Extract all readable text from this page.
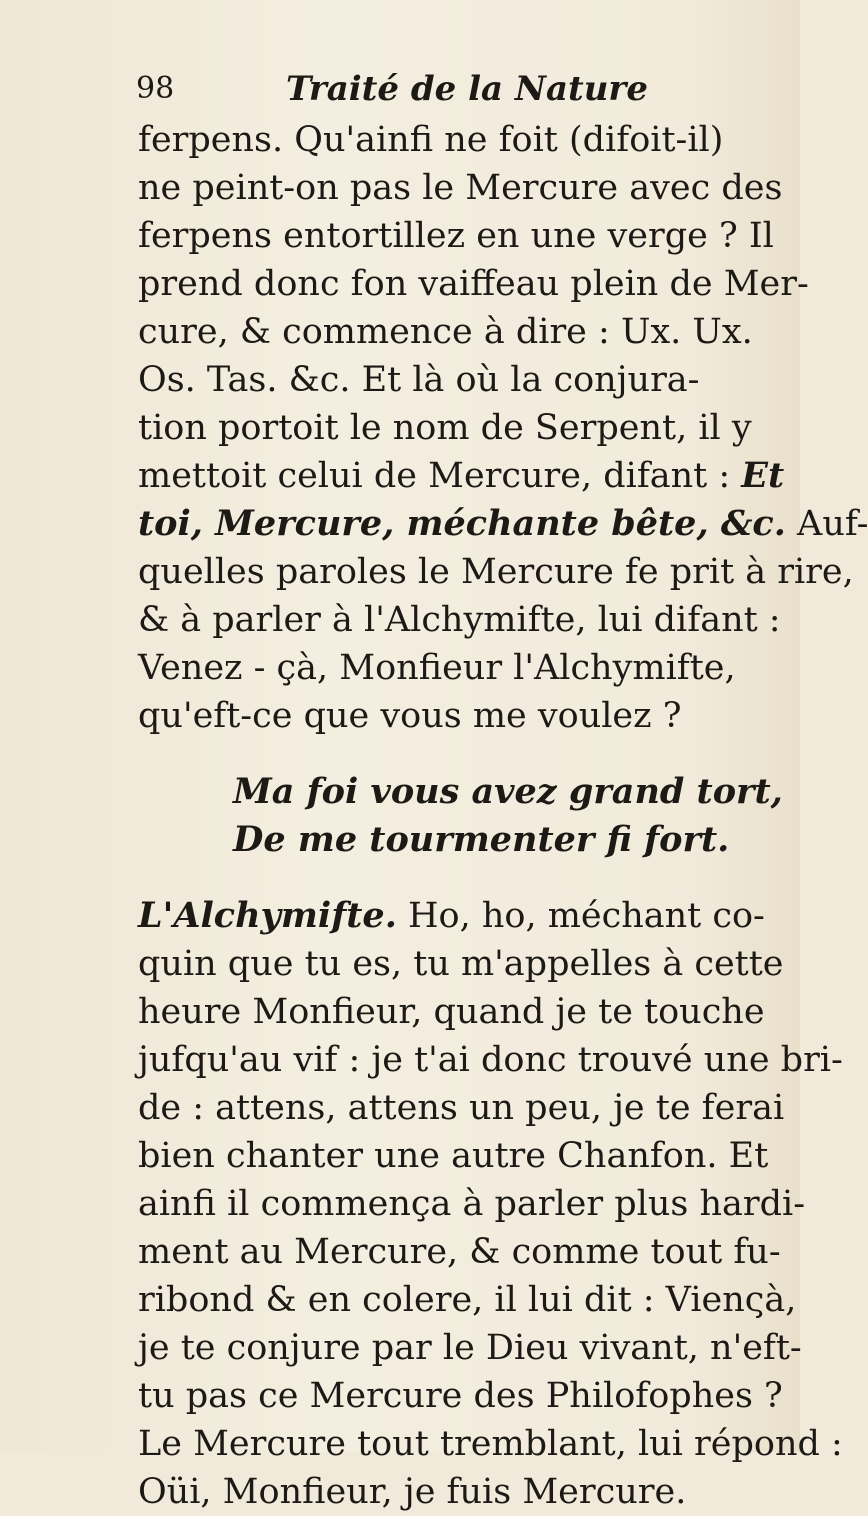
98	Traité de la Nature
ferpens. Qu'ainfi ne foit (difoit-il)
ne peint-on pas le Mercure avec des
ferpens entortillez en une verge ? Il
prend donc fon vaiffeau plein de Mer-
cure, & commence à dire : Ux. Ux.
Os. Tas. &c. Et là où la conjura-
tion portoit le nom de Serpent, il y
mettoit celui de Mercure, difant : Et
toi, Mercure, méchante bête, &c. Auf-
quelles paroles le Mercure fe prit à rire,
& à parler à l'Alchymifte, lui difant :
Venez - çà, Monfieur l'Alchymifte,
qu'eft-ce que vous me voulez ?
Ma foi vous avez grand tort,
De me tourmenter fi fort.
L'Alchymifte. Ho, ho, méchant co-
quin que tu es, tu m'appelles à cette
heure Monfieur, quand je te touche
jufqu'au vif : je t'ai donc trouvé une bri-
de : attens, attens un peu, je te ferai
bien chanter une autre Chanfon. Et
ainfi il commença à parler plus hardi-
ment au Mercure, & comme tout fu-
ribond & en colere, il lui dit : Vienςà,
je te conjure par le Dieu vivant, n'eft-
tu pas ce Mercure des Philofophes ?
Le Mercure tout tremblant, lui répond :
Oüi, Monfieur, je fuis Mercure.
